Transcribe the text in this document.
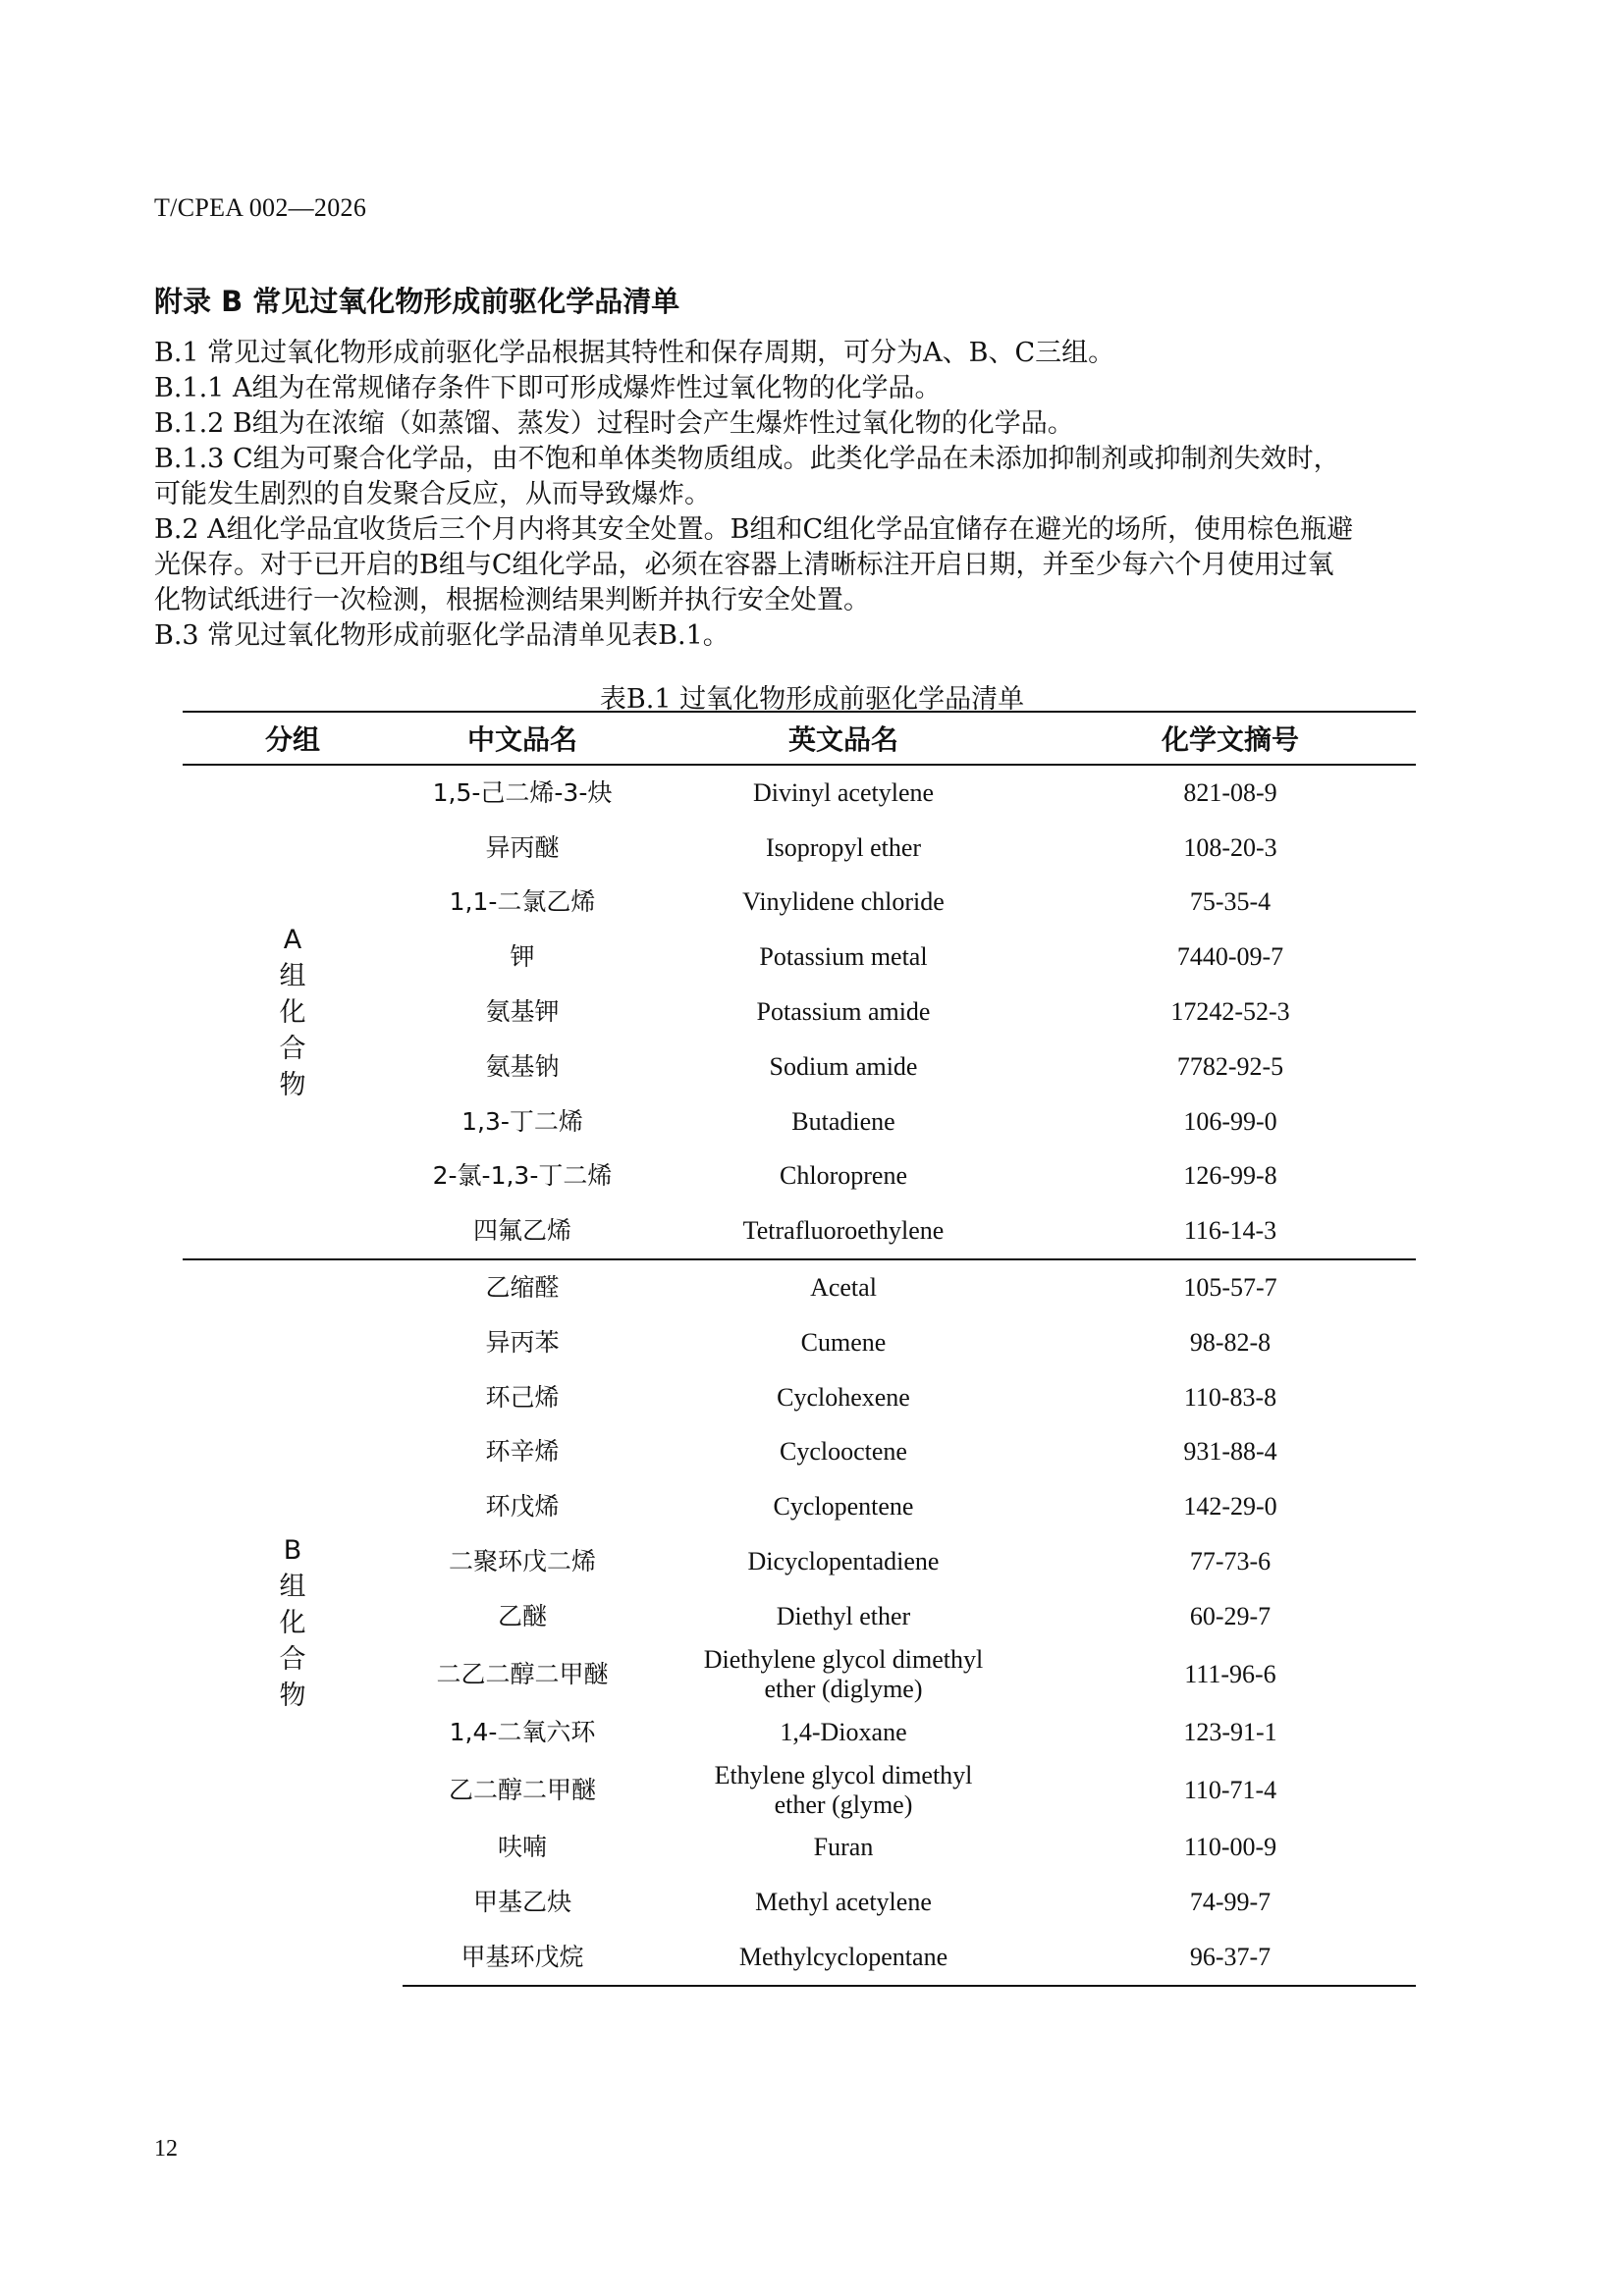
T/CPEA 002—2026
附录 B 常见过氧化物形成前驱化学品清单

B.1 常见过氧化物形成前驱化学品根据其特性和保存周期，可分为A、B、C三组。

B.1.1 A组为在常规储存条件下即可形成爆炸性过氧化物的化学品。

B.1.2 B组为在浓缩（如蒸馏、蒸发）过程时会产生爆炸性过氧化物的化学品。

B.1.3 C组为可聚合化学品，由不饱和单体类物质组成。此类化学品在未添加抑制剂或抑制剂失效时，

可能发生剧烈的自发聚合反应，从而导致爆炸。

B.2 A组化学品宜收货后三个月内将其安全处置。B组和C组化学品宜储存在避光的场所，使用棕色瓶避

光保存。对于已开启的B组与C组化学品，必须在容器上清晰标注开启日期，并至少每六个月使用过氧

化物试纸进行一次检测，根据检测结果判断并执行安全处置。

B.3 常见过氧化物形成前驱化学品清单见表B.1。

表B.1 过氧化物形成前驱化学品清单
分组	中文品名	英文品名	化学文摘号

A
组
化
合
物	1,5-己二烯-3-炔	Divinyl acetylene	821-08-9
	异丙醚	Isopropyl ether	108-20-3
	1,1-二氯乙烯	Vinylidene chloride	75-35-4
	钾	Potassium metal	7440-09-7
	氨基钾	Potassium amide	17242-52-3
	氨基钠	Sodium amide	7782-92-5
	1,3-丁二烯	Butadiene	106-99-0
	2-氯-1,3-丁二烯	Chloroprene	126-99-8
	四氟乙烯	Tetrafluoroethylene	116-14-3

B
组
化
合
物	乙缩醛	Acetal	105-57-7
	异丙苯	Cumene	98-82-8
	环己烯	Cyclohexene	110-83-8
	环辛烯	Cyclooctene	931-88-4
	环戊烯	Cyclopentene	142-29-0
	二聚环戊二烯	Dicyclopentadiene	77-73-6
	乙醚	Diethyl ether	60-29-7
	二乙二醇二甲醚	Diethylene glycol dimethyl
ether (diglyme)	111-96-6
	1,4-二氧六环	1,4-Dioxane	123-91-1
	乙二醇二甲醚	Ethylene glycol dimethyl
ether (glyme)	110-71-4
	呋喃	Furan	110-00-9
	甲基乙炔	Methyl acetylene	74-99-7
	甲基环戊烷	Methylcyclopentane	96-37-7
12
